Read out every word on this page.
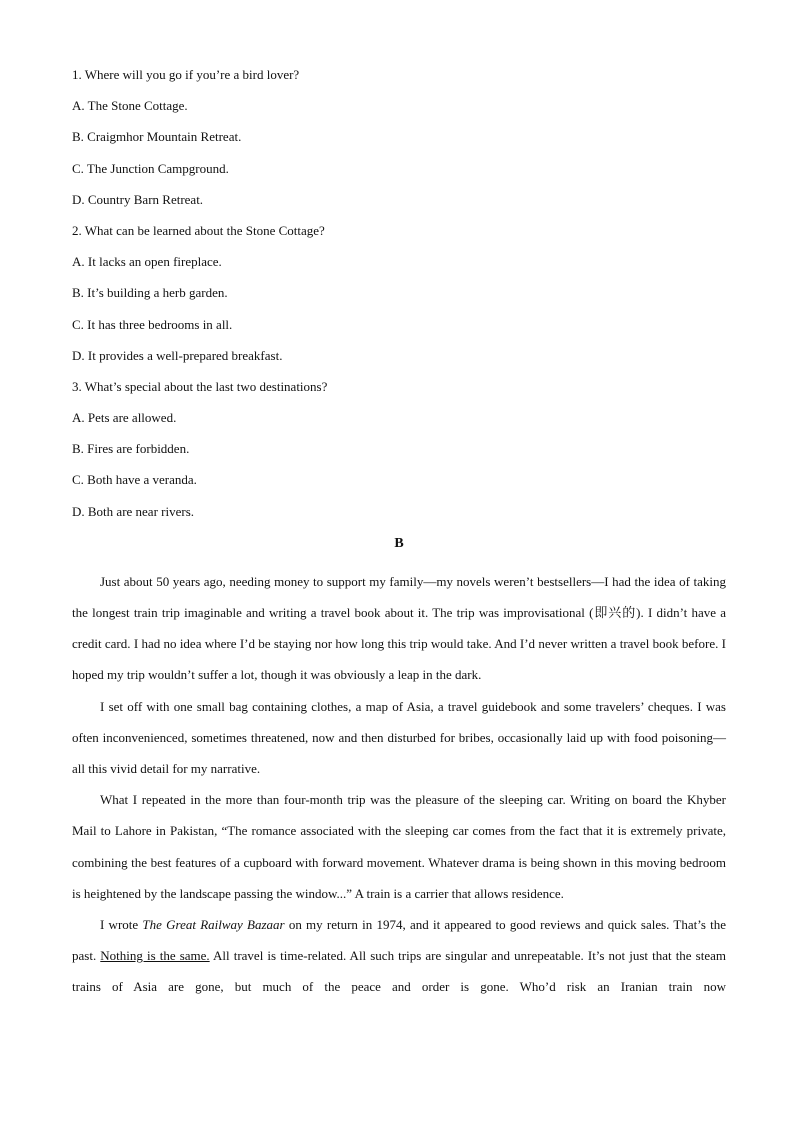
1. Where will you go if you’re a bird lover?
A. The Stone Cottage.
B. Craigmhor Mountain Retreat.
C. The Junction Campground.
D. Country Barn Retreat.
2. What can be learned about the Stone Cottage?
A. It lacks an open fireplace.
B. It’s building a herb garden.
C. It has three bedrooms in all.
D. It provides a well-prepared breakfast.
3. What’s special about the last two destinations?
A. Pets are allowed.
B. Fires are forbidden.
C. Both have a veranda.
D. Both are near rivers.
B

Just about 50 years ago, needing money to support my family—my novels weren’t bestsellers—I had the idea of taking the longest train trip imaginable and writing a travel book about it. The trip was improvisational (即兴的). I didn’t have a credit card. I had no idea where I’d be staying nor how long this trip would take. And I’d never written a travel book before. I hoped my trip wouldn’t suffer a lot, though it was obviously a leap in the dark.

I set off with one small bag containing clothes, a map of Asia, a travel guidebook and some travelers’ cheques. I was often inconvenienced, sometimes threatened, now and then disturbed for bribes, occasionally laid up with food poisoning—all this vivid detail for my narrative.

What I repeated in the more than four-month trip was the pleasure of the sleeping car. Writing on board the Khyber Mail to Lahore in Pakistan, “The romance associated with the sleeping car comes from the fact that it is extremely private, combining the best features of a cupboard with forward movement. Whatever drama is being shown in this moving bedroom is heightened by the landscape passing the window...” A train is a carrier that allows residence.

I wrote The Great Railway Bazaar on my return in 1974, and it appeared to good reviews and quick sales. That’s the past. Nothing is the same. All travel is time-related. All such trips are singular and unrepeatable. It’s not just that the steam trains of Asia are gone, but much of the peace and order is gone. Who’d risk an Iranian train now
